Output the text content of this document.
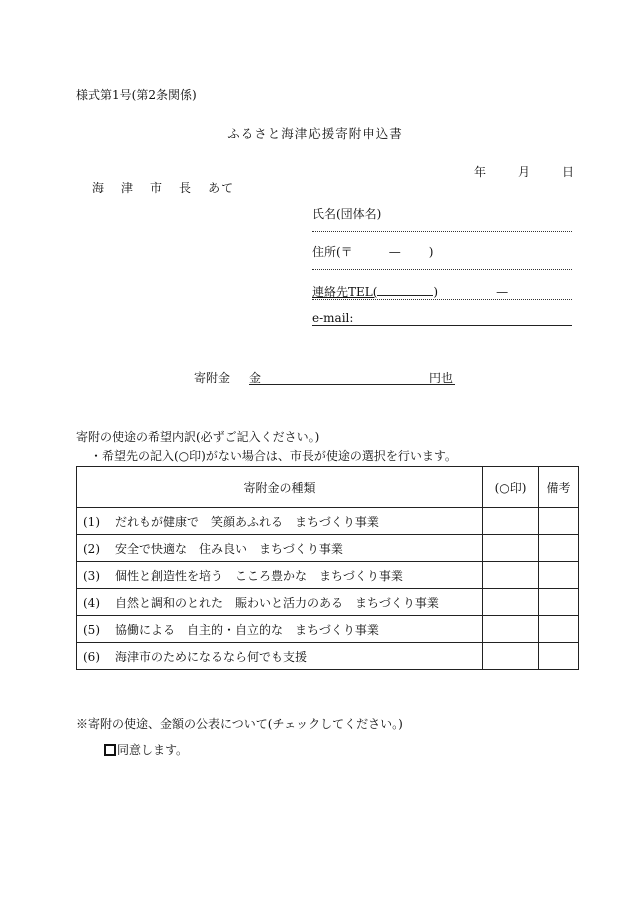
様式第1号(第2条関係)
ふるさと海津応援寄附申込書
年	月	日
海 津 市 長 あて
氏名(団体名)
住所(〒	— )
連絡先TEL(	)	—
e-mail:
寄附金 金	円也
寄附の使途の希望内訳(必ずご記入ください。)
・希望先の記入(○印)がない場合は、市長が使途の選択を行います。
寄附金の種類	(○印)	備考
(1) だれもが健康で　笑顔あふれる　まちづくり事業		
(2) 安全で快適な　住み良い　まちづくり事業		
(3) 個性と創造性を培う　こころ豊かな　まちづくり事業		
(4) 自然と調和のとれた　賑わいと活力のある　まちづくり事業		
(5) 協働による　自主的・自立的な　まちづくり事業		
(6) 海津市のためになるなら何でも支援		
※寄附の使途、金額の公表について(チェックしてください。)
同意します。
